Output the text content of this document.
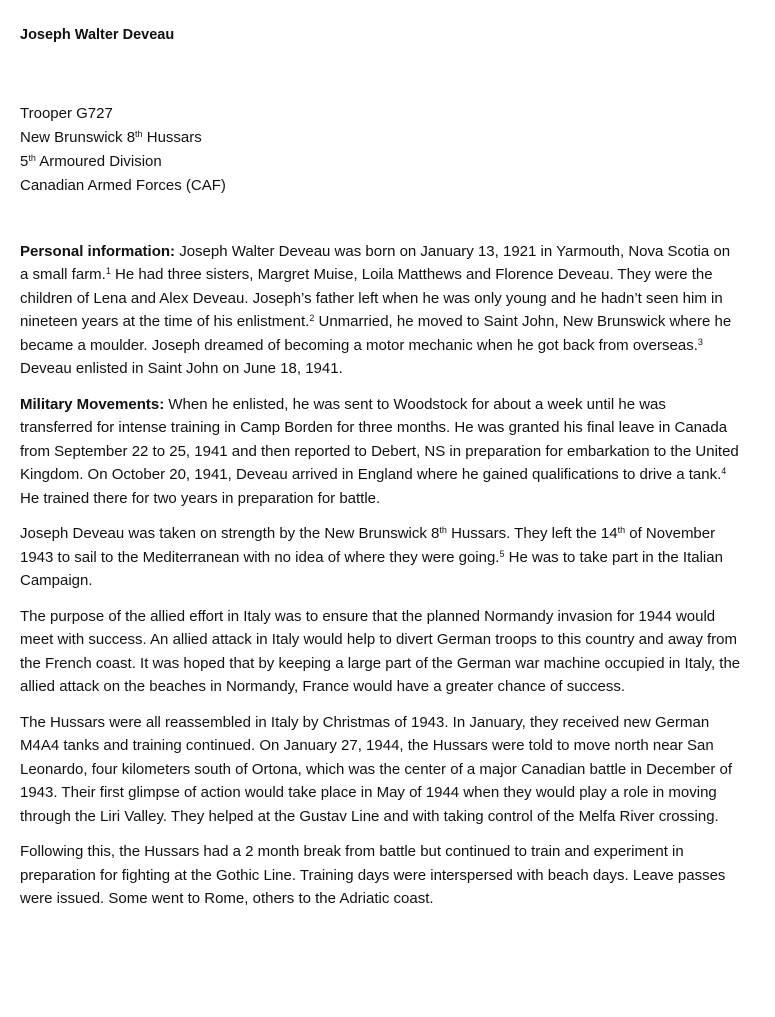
Joseph Walter Deveau
Trooper G727
New Brunswick 8th Hussars
5th Armoured Division
Canadian Armed Forces (CAF)

Personal information: Joseph Walter Deveau was born on January 13, 1921 in Yarmouth, Nova Scotia on a small farm.$^1$ He had three sisters, Margret Muise, Loila Matthews and Florence Deveau. They were the children of Lena and Alex Deveau. Joseph’s father left when he was only young and he hadn’t seen him in nineteen years at the time of his enlistment.$^2$ Unmarried, he moved to Saint John, New Brunswick where he became a moulder. Joseph dreamed of becoming a motor mechanic when he got back from overseas.$^3$ Deveau enlisted in Saint John on June 18, 1941.

Military Movements: When he enlisted, he was sent to Woodstock for about a week until he was transferred for intense training in Camp Borden for three months. He was granted his final leave in Canada from September 22 to 25, 1941 and then reported to Debert, NS in preparation for embarkation to the United Kingdom. On October 20, 1941, Deveau arrived in England where he gained qualifications to drive a tank.$^4$ He trained there for two years in preparation for battle.

Joseph Deveau was taken on strength by the New Brunswick 8th Hussars. They left the 14th of November 1943 to sail to the Mediterranean with no idea of where they were going.$^5$ He was to take part in the Italian Campaign.

The purpose of the allied effort in Italy was to ensure that the planned Normandy invasion for 1944 would meet with success. An allied attack in Italy would help to divert German troops to this country and away from the French coast. It was hoped that by keeping a large part of the German war machine occupied in Italy, the allied attack on the beaches in Normandy, France would have a greater chance of success.

The Hussars were all reassembled in Italy by Christmas of 1943. In January, they received new German M4A4 tanks and training continued. On January 27, 1944, the Hussars were told to move north near San Leonardo, four kilometers south of Ortona, which was the center of a major Canadian battle in December of 1943. Their first glimpse of action would take place in May of 1944 when they would play a role in moving through the Liri Valley. They helped at the Gustav Line and with taking control of the Melfa River crossing.

Following this, the Hussars had a 2 month break from battle but continued to train and experiment in preparation for fighting at the Gothic Line. Training days were interspersed with beach days. Leave passes were issued. Some went to Rome, others to the Adriatic coast.
